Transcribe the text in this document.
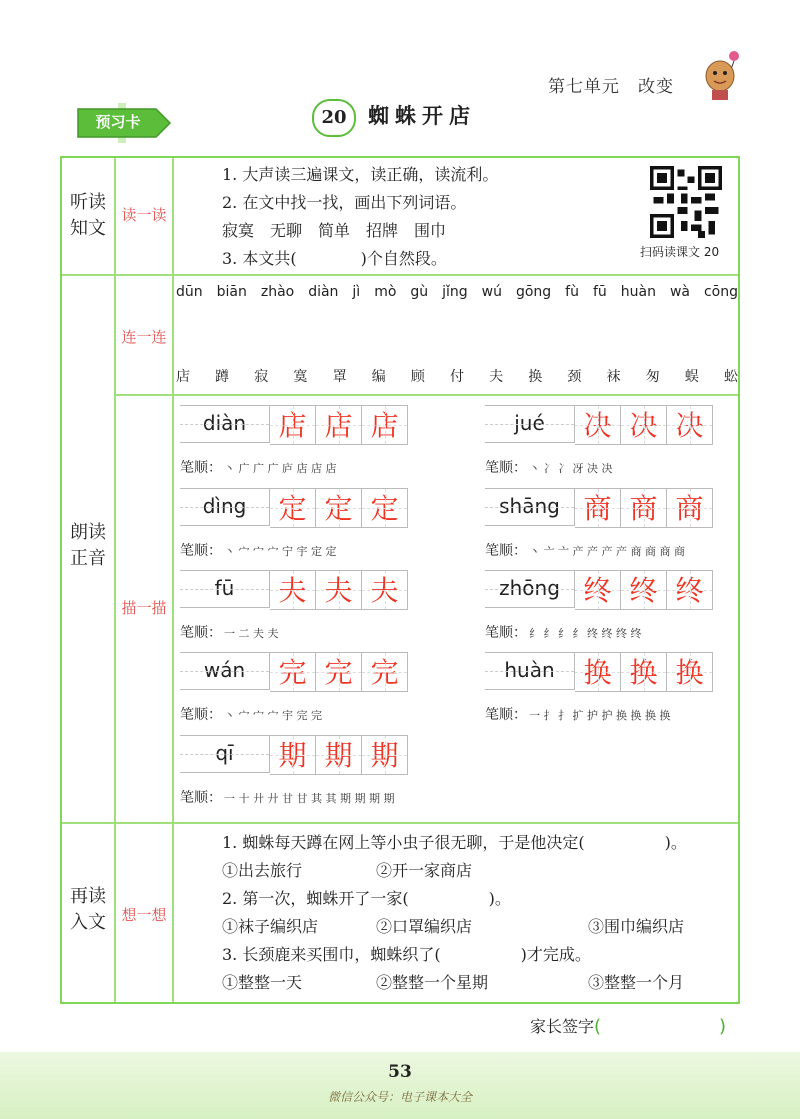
第七单元　改变
预习卡	20	蜘蛛开店
听读
知文
读一读
1. 大声读三遍课文，读正确，读流利。
2. 在文中找一找，画出下列词语。
寂寞　无聊　简单　招牌　围巾
3. 本文共(　　　　)个自然段。	扫码读课文 20
朗读
正音
连一连
描一描
dūn biān zhào diàn jì mò gù jǐng wú gōng fù fū huàn wà cōng
店 蹲 寂 寞 罩 编 顾 付 夫 换 颈 袜 匆 蜈 蚣
diàn	店 店 店
笔顺： 丶 广 广 广 庐 店 店 店
jué	决 决 决
笔顺： 丶 冫 冫 冴 决 决
dìng	定 定 定
笔顺： 丶 宀 宀 宀 宁 宇 定 定
shāng 商 商 商
笔顺： 丶 亠 亠 产 产 产 产 商 商 商 商
fū	夫 夫 夫
笔顺： 一 二 夫 夫
zhōng 终 终 终
笔顺： 纟 纟 纟 纟 终 终 终 终
wán	完 完 完
笔顺： 丶 宀 宀 宀 宇 完 完
huàn	换 换 换
笔顺： 一 扌 扌 扩 护 护 换 换 换 换
qī	期 期 期
笔顺： 一 十 廾 廾 甘 甘 其 其 期 期 期 期
再读
入文	想一想
1. 蜘蛛每天蹲在网上等小虫子很无聊，于是他决定(　　　　　)。
①出去旅行	②开一家商店
2. 第一次，蜘蛛开了一家(　　　　　)。
①袜子编织店	②口罩编织店	③围巾编织店
3. 长颈鹿来买围巾，蜘蛛织了(　　　　　)才完成。
①整整一天	②整整一个星期	③整整一个月
家长签字(	)
53
微信公众号：电子课本大全
